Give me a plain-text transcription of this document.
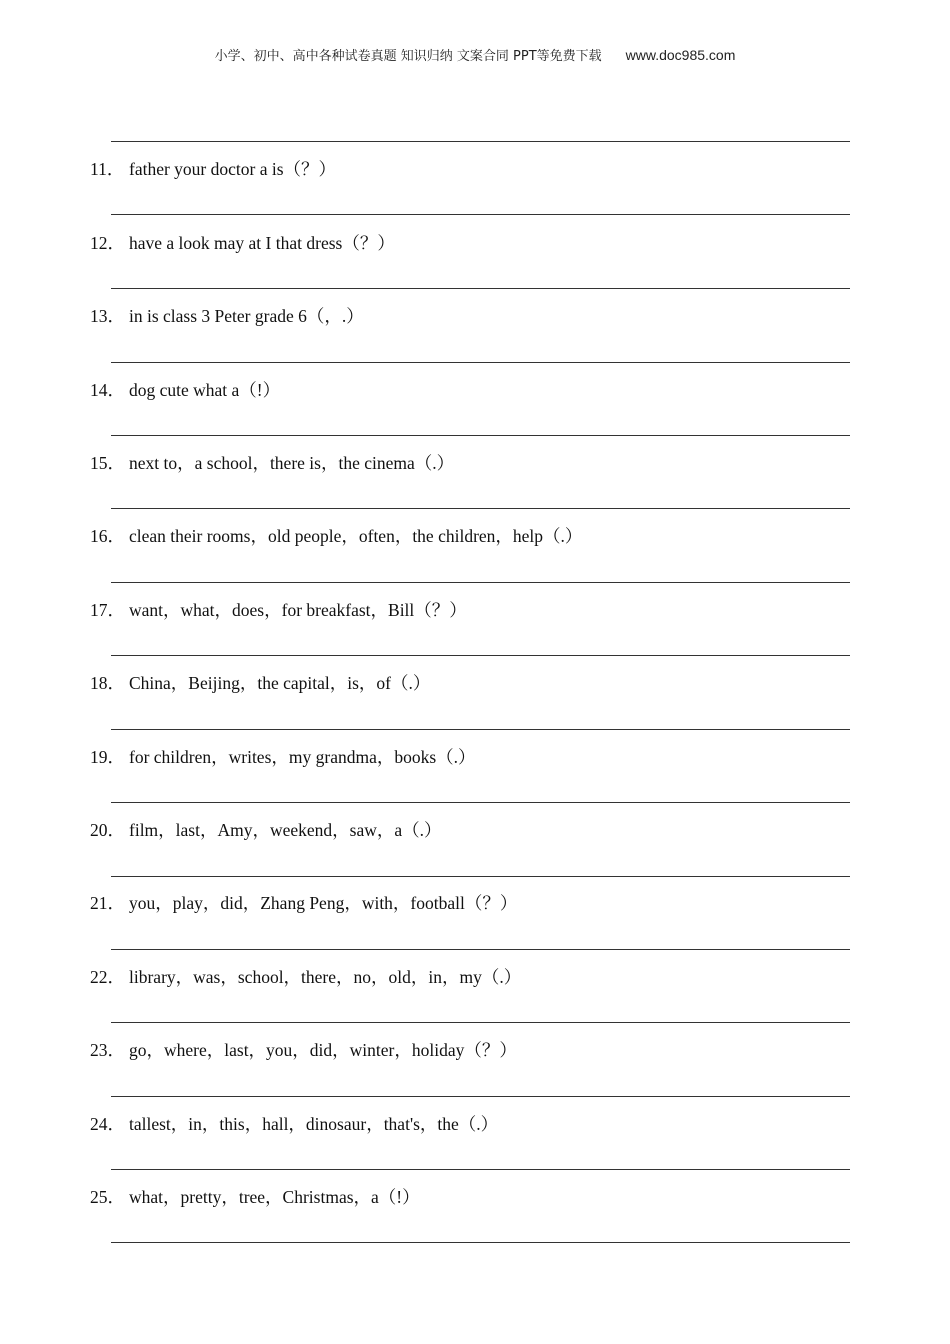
小学、初中、高中各种试卷真题 知识归纳 文案合同 PPT等免费下载 www.doc985.com
11． father your doctor a is（？）
12． have a look may at I that dress（？）
13． in is class 3 Peter grade 6（，.）
14． dog cute what a（!）
15． next to，a school，there is，the cinema（.）
16． clean their rooms，old people，often，the children，help（.）
17． want，what，does，for breakfast，Bill（？）
18． China，Beijing，the capital，is，of（.）
19． for children，writes，my grandma，books（.）
20． film，last，Amy，weekend，saw，a（.）
21． you，play，did，Zhang Peng，with，football（？）
22． library，was，school，there，no，old，in，my（.）
23． go，where，last，you，did，winter，holiday（？）
24． tallest，in，this，hall，dinosaur，that's，the（.）
25． what，pretty，tree，Christmas，a（!）
